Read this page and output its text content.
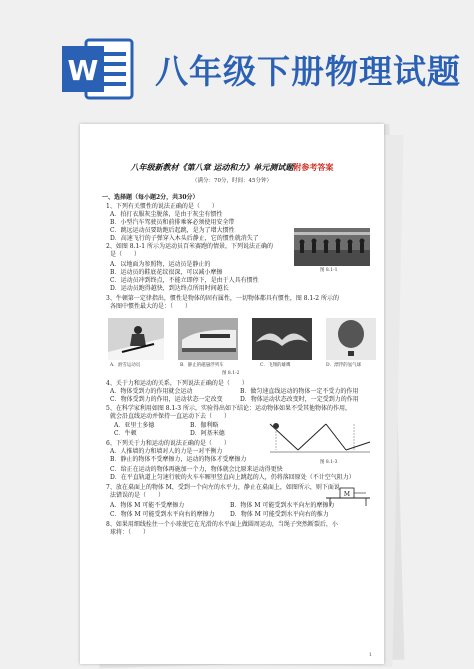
W 八年级下册物理试题
八年级新教材《第八章 运动和力》单元测试题附参考答案
（满分：70分，时间：45分钟）
一、选择题（每小题2分，共30分）
1、下列有关惯性的说法正确的是（　　）
A．拍打衣服灰尘脱落，是由于灰尘有惯性
B．小型汽车驾驶员和前排乘客必须使用安全带
C．跳远运动员要助跑后起跳，是为了增大惯性
D．高速飞行的子弹穿入木头后静止，它的惯性就消失了
图 8.1-1
2、如图 8.1-1 所示为运动员百米赛跑的情景，下列说法正确的
是（　　）
A．以地面为参照物，运动员是静止的
B．运动员的鞋底花纹很深，可以减小摩擦
C．运动员冲到终点，不能立即停下，是由于人具有惯性
D．运动员跑得越快，到达终点所用时间越长
3、牛顿第一定律指出，惯性是物体的固有属性，一切物体都具有惯性，图 8.1-2 所示的
各图中惯性最大的是：（　　）
A．滑雪运动员	B．静止的磁悬浮列车	C．飞翔的雄鹰	D．漂浮的氢气球
图 8.1-2
4、关于力和运动的关系，下列说法正确的是（　　）
A．物体受到力的作用就会运动	B．做匀速直线运动的物体一定不受力的作用
C．物体受到力的作用，运动状态一定改变	D．物体运动状态改变时，一定受到力的作用
5、在科学家利用如图 8.1-3 所示，实验得出如下结论：运动物体如果不受其他物体的作用，
就会沿直线运动并保持一直运动下去（　　）
A．亚里士多德	B．伽利略
C．牛顿	D．阿基米德
图 8.1-3
6、下列关于力和运动的说法正确的是（　　）
A．人推墙的力和墙对人的力是一对平衡力
B．静止的物体不受摩擦力，运动的物体才受摩擦力
C．给正在运动的物体再施加一个力，物体就会比原来运动得更快
D．在平直轨道上匀速行驶的火车车厢里竖直向上跳起的人，仍将落回原处（不计空气阻力）
M
7、放在桌面上的物体 M，受到一个向左的水平力，静止在桌面上，如图所示，则下面说
法错误的是（　　）
A．物体 M 可能不受摩擦力	B．物体 M 可能受到水平向左的摩擦力
C．物体 M 可能受到水平向右的摩擦力	D．物体 M 可能受到水平向右的推力
8、如果用细线拴住一个小球使它在光滑的水平面上做圆周运动，当绳子突然断裂后，小
球将：（　　）
1
